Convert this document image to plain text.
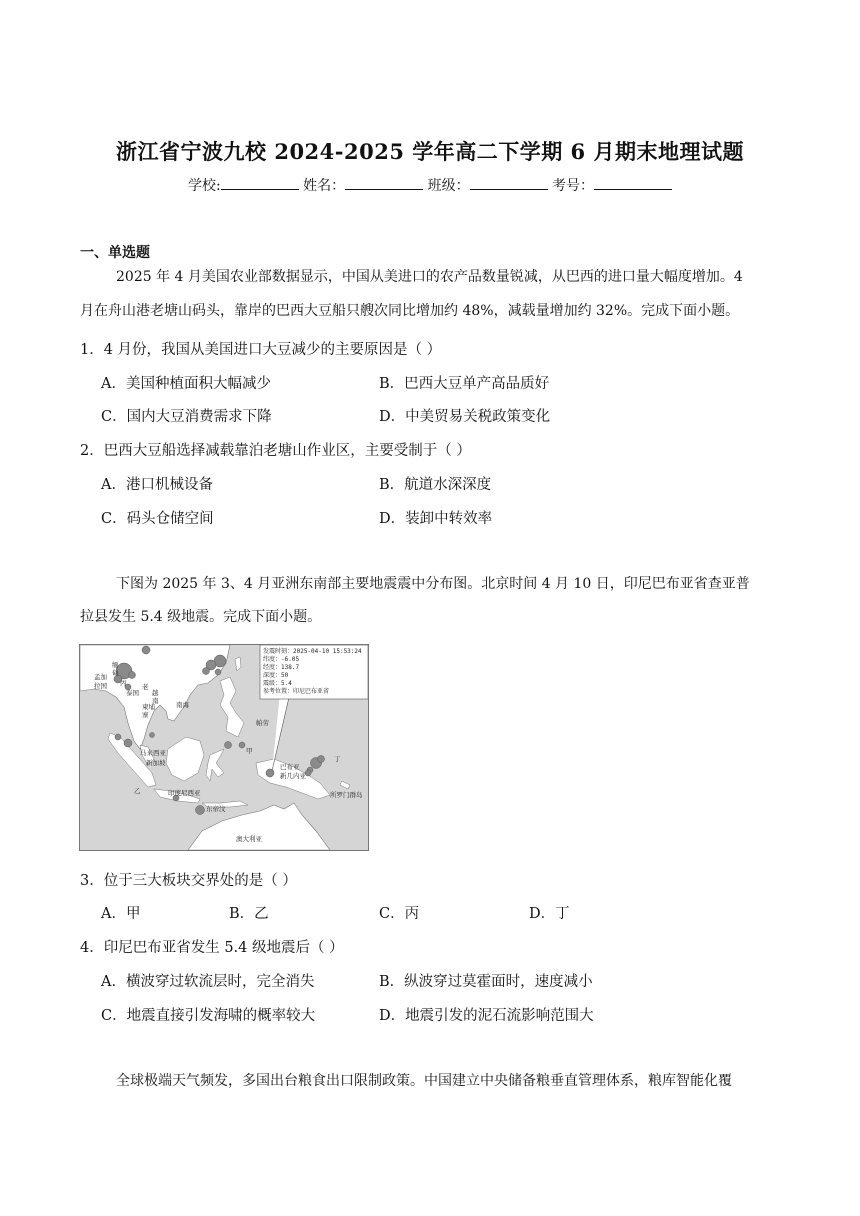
浙江省宁波九校 2024-2025 学年高二下学期 6 月期末地理试题
学校:	姓名：	班级：	考号：
一、单选题
2025 年 4 月美国农业部数据显示，中国从美进口的农产品数量锐减，从巴西的进口量大幅度增加。4
月在舟山港老塘山码头，靠岸的巴西大豆船只艘次同比增加约 48%，减载量增加约 32%。完成下面小题。
1．4 月份，我国从美国进口大豆减少的主要原因是（ ）
A．美国种植面积大幅减少	B．巴西大豆单产高品质好
C．国内大豆消费需求下降	D．中美贸易关税政策变化
2．巴西大豆船选择减载靠泊老塘山作业区，主要受制于（ ）
A．港口机械设备	B．航道水深深度
C．码头仓储空间	D．装卸中转效率
下图为 2025 年 3、4 月亚洲东南部主要地震震中分布图。北京时间 4 月 10 日，印尼巴布亚省查亚普
拉县发生 5.4 级地震。完成下面小题。
发震时刻：2025-04-10 15:53:24
纬度：-6.05
经度：138.7
深度：50
震级：5.4
参考位置：印尼巴布亚省
孟加
拉国
缅
甸
泰国
老
柬埔
寨
越
南	南海
帕劳
马来西亚
新加坡
印度尼西亚
东帝汶
巴布亚
新几内亚
所罗门群岛
澳大利亚
甲
乙
丙
丁
3．位于三大板块交界处的是（ ）
A．甲	B．乙	C．丙	D．丁
4．印尼巴布亚省发生 5.4 级地震后（ ）
A．横波穿过软流层时，完全消失	B．纵波穿过莫霍面时，速度减小
C．地震直接引发海啸的概率较大	D．地震引发的泥石流影响范围大
全球极端天气频发，多国出台粮食出口限制政策。中国建立中央储备粮垂直管理体系，粮库智能化覆
